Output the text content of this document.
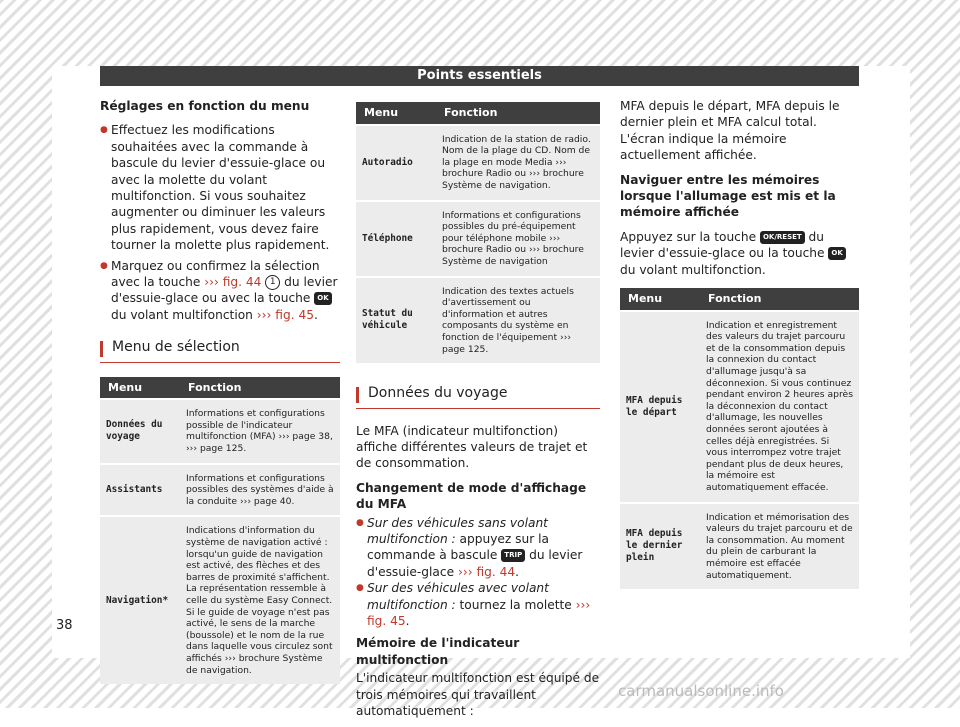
Points essentiels

Réglages en fonction du menu

● Effectuez les modifications souhaitées avec la commande à bascule du levier d'essuie-glace ou avec la molette du volant multifonction. Si vous souhaitez augmenter ou diminuer les valeurs plus rapidement, vous devez faire tourner la molette plus rapidement.

● Marquez ou confirmez la sélection avec la touche ››› fig. 44 1 du levier d'essuie-glace ou avec la touche OK du volant multifonction ››› fig. 45.

Menu de sélection
Menu	Fonction
Données du voyage	Informations et configurations possible de l'indicateur multifonction (MFA) ››› page 38, ››› page 125.
Assistants	Informations et configurations possibles des systèmes d'aide à la conduite ››› page 40.
Navigation*	Indications d'information du système de navigation activé : lorsqu'un guide de navigation est activé, des flèches et des barres de proximité s'affichent. La représentation ressemble à celle du système Easy Connect. Si le guide de voyage n'est pas activé, le sens de la marche (boussole) et le nom de la rue dans laquelle vous circulez sont affichés ››› brochure Système de navigation.
Menu	Fonction
Autoradio	Indication de la station de radio. Nom de la plage du CD. Nom de la plage en mode Media ››› brochure Radio ou ››› brochure Système de navigation.
Téléphone	Informations et configurations possibles du pré-équipement pour téléphone mobile ››› brochure Radio ou ››› brochure Système de navigation
Statut du véhicule	Indication des textes actuels d'avertissement ou d'information et autres composants du système en fonction de l'équipement ››› page 125.
Données du voyage

Le MFA (indicateur multifonction) affiche différentes valeurs de trajet et de consommation.

Changement de mode d'affichage du MFA

● Sur des véhicules sans volant multifonction : appuyez sur la commande à bascule TRIP du levier d'essuie-glace ››› fig. 44.

● Sur des véhicules avec volant multifonction : tournez la molette ››› fig. 45.

Mémoire de l'indicateur multifonction

L'indicateur multifonction est équipé de trois mémoires qui travaillent automatiquement :

MFA depuis le départ, MFA depuis le dernier plein et MFA calcul total. L'écran indique la mémoire actuellement affichée.

Naviguer entre les mémoires lorsque l'allumage est mis et la mémoire affichée

Appuyez sur la touche OK/RESET du levier d'essuie-glace ou la touche OK du volant multifonction.

Menu	Fonction
MFA depuis le départ	Indication et enregistrement des valeurs du trajet parcouru et de la consommation depuis la connexion du contact d'allumage jusqu'à sa déconnexion. Si vous continuez pendant environ 2 heures après la déconnexion du contact d'allumage, les nouvelles données seront ajoutées à celles déjà enregistrées. Si vous interrompez votre trajet pendant plus de deux heures, la mémoire est automatiquement effacée.
MFA depuis le dernier plein	Indication et mémorisation des valeurs du trajet parcouru et de la consommation. Au moment du plein de carburant la mémoire est effacée automatiquement.
38
carmanualsonline.info
